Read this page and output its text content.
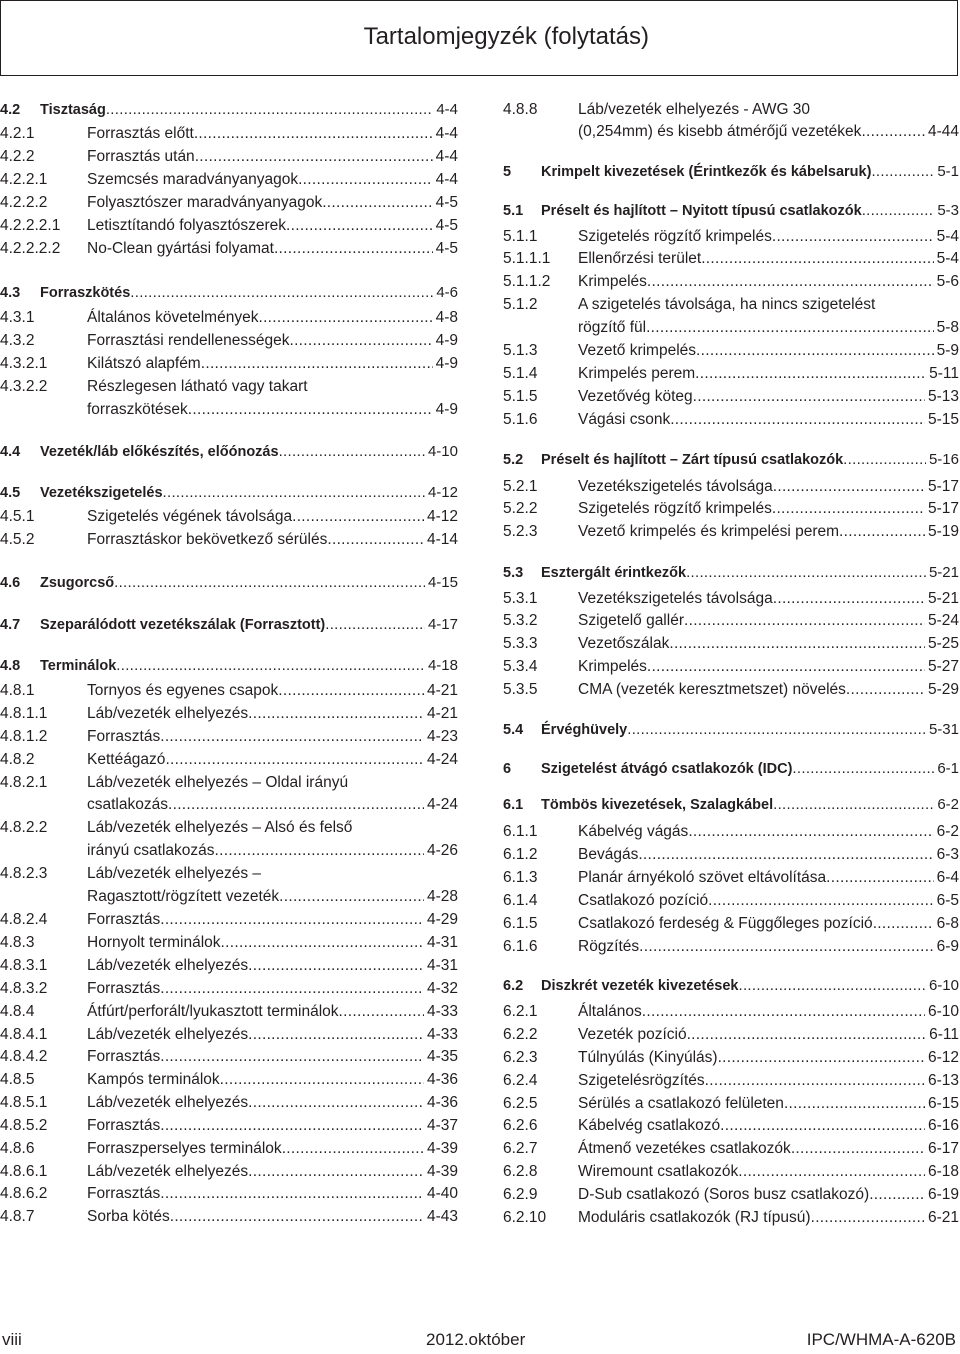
Tartalomjegyzék (folytatás)
4.2 Tisztaság .....	4-4
4.2.1	Forrasztás előtt .....	4-4
4.2.2	Forrasztás után .....	4-4
4.2.2.1	Szemcsés maradványanyagok .....	4-4
4.2.2.2	Folyasztószer maradványanyagok .....	4-5
4.2.2.2.1 Letisztítandó folyasztószerek .....	4-5
4.2.2.2.2 No-Clean gyártási folyamat .....	4-5
4.3 Forraszkötés .....	4-6
4.3.1	Általános követelmények .....	4-8
4.3.2	Forrasztási rendellenességek .....	4-9
4.3.2.1	Kilátszó alapfém .....	4-9
4.3.2.2	Részlegesen látható vagy takart
forraszkötések .....	4-9
4.4 Vezeték/láb előkészítés, előónozás .....	4-10
4.5 Vezetékszigetelés .....	4-12
4.5.1	Szigetelés végének távolsága .....	4-12
4.5.2	Forrasztáskor bekövetkező sérülés .....	4-14
4.6 Zsugorcső .....	4-15
4.7 Szeparálódott vezetékszálak (Forrasztott) .....	4-17
4.8 Terminálok .....	4-18
4.8.1	Tornyos és egyenes csapok .....	4-21
4.8.1.1	Láb/vezeték elhelyezés .....	4-21
4.8.1.2	Forrasztás .....	4-23
4.8.2	Kettéágazó .....	4-24
4.8.2.1	Láb/vezeték elhelyezés – Oldal irányú
csatlakozás .....	4-24
4.8.2.2	Láb/vezeték elhelyezés – Alsó és felső
irányú csatlakozás .....	4-26
4.8.2.3	Láb/vezeték elhelyezés –
Ragasztott/rögzített vezeték .....	4-28
4.8.2.4	Forrasztás .....	4-29
4.8.3	Hornyolt terminálok .....	4-31
4.8.3.1	Láb/vezeték elhelyezés .....	4-31
4.8.3.2	Forrasztás .....	4-32
4.8.4	Átfúrt/perforált/lyukasztott terminálok .....	4-33
4.8.4.1	Láb/vezeték elhelyezés .....	4-33
4.8.4.2	Forrasztás .....	4-35
4.8.5	Kampós terminálok .....	4-36
4.8.5.1	Láb/vezeték elhelyezés .....	4-36
4.8.5.2	Forrasztás .....	4-37
4.8.6	Forraszperselyes terminálok .....	4-39
4.8.6.1	Láb/vezeték elhelyezés .....	4-39
4.8.6.2	Forrasztás .....	4-40
4.8.7	Sorba kötés .....	4-43
4.8.8	Láb/vezeték elhelyezés - AWG 30
(0,254mm) és kisebb átmérőjű vezetékek .....	4-44
5 Krimpelt kivezetések (Érintkezők és kábelsaruk) .....	5-1
5.1 Préselt és hajlított – Nyitott típusú csatlakozók .....	5-3
5.1.1	Szigetelés rögzítő krimpelés .....	5-4
5.1.1.1 Ellenőrzési terület .....	5-4
5.1.1.2 Krimpelés .....	5-6
5.1.2	A szigetelés távolsága, ha nincs szigetelést
rögzítő fül .....	5-8
5.1.3	Vezető krimpelés .....	5-9
5.1.4	Krimpelés perem .....	5-11
5.1.5	Vezetővég köteg .....	5-13
5.1.6	Vágási csonk .....	5-15
5.2 Préselt és hajlított – Zárt típusú csatlakozók .....	5-16
5.2.1	Vezetékszigetelés távolsága .....	5-17
5.2.2	Szigetelés rögzítő krimpelés .....	5-17
5.2.3	Vezető krimpelés és krimpelési perem .....	5-19
5.3 Esztergált érintkezők .....	5-21
5.3.1	Vezetékszigetelés távolsága .....	5-21
5.3.2	Szigetelő gallér .....	5-24
5.3.3	Vezetőszálak .....	5-25
5.3.4	Krimpelés .....	5-27
5.3.5	CMA (vezeték keresztmetszet) növelés .....	5-29
5.4 Érvéghüvely .....	5-31
6 Szigetelést átvágó csatlakozók (IDC) .....	6-1
6.1 Tömbös kivezetések, Szalagkábel .....	6-2
6.1.1	Kábelvég vágás .....	6-2
6.1.2	Bevágás .....	6-3
6.1.3	Planár árnyékoló szövet eltávolítása .....	6-4
6.1.4	Csatlakozó pozíció .....	6-5
6.1.5	Csatlakozó ferdeség & Függőleges pozíció .....	6-8
6.1.6	Rögzítés .....	6-9
6.2 Diszkrét vezeték kivezetések .....	6-10
6.2.1	Általános .....	6-10
6.2.2	Vezeték pozíció .....	6-11
6.2.3	Túlnyúlás (Kinyúlás) .....	6-12
6.2.4	Szigetelésrögzítés .....	6-13
6.2.5	Sérülés a csatlakozó felületen .....	6-15
6.2.6	Kábelvég csatlakozó .....	6-16
6.2.7	Átmenő vezetékes csatlakozók .....	6-17
6.2.8	Wiremount csatlakozók .....	6-18
6.2.9	D-Sub csatlakozó (Soros busz csatlakozó) .....	6-19
6.2.10 Moduláris csatlakozók (RJ típusú) .....	6-21
viii	2012.október	IPC/WHMA-A-620B
